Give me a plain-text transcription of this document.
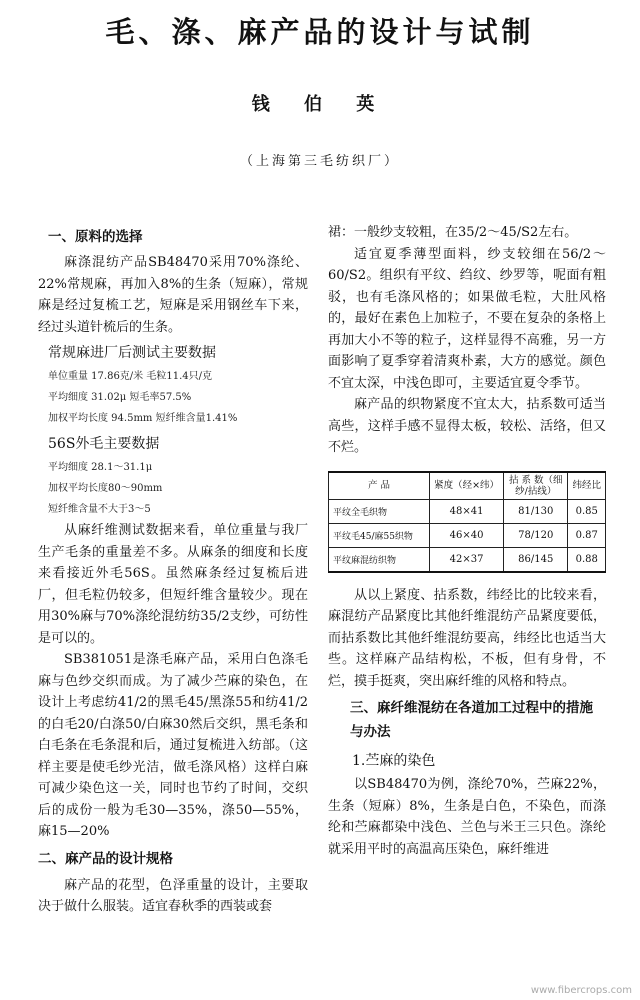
毛、涤、麻产品的设计与试制
钱 伯 英
（上海第三毛纺织厂）
一、原料的选择

麻涤混纺产品SB48470采用70%涤纶、22%常规麻，再加入8%的生条（短麻），常规麻是经过复梳工艺，短麻是采用钢丝车下来，经过头道针梳后的生条。

常规麻进厂后测试主要数据
单位重量 17.86克/米 毛粒11.4只/克
平均细度 31.02μ 短毛率57.5%
加权平均长度 94.5mm 短纤维含量1.41%
56S外毛主要数据
平均细度 28.1～31.1μ
加权平均长度80～90mm
短纤维含量不大于3～5

从麻纤维测试数据来看，单位重量与我厂生产毛条的重量差不多。从麻条的细度和长度来看接近外毛56S。虽然麻条经过复梳后进厂，但毛粒仍较多，但短纤维含量较少。现在用30%麻与70%涤纶混纺纺35/2支纱，可纺性是可以的。

SB381051是涤毛麻产品，采用白色涤毛麻与色纱交织而成。为了减少苎麻的染色，在设计上考虑纺41/2的黑毛45/黑涤55和纺41/2的白毛20/白涤50/白麻30然后交织，黑毛条和白毛条在毛条混和后，通过复梳进入纺部。（这样主要是使毛纱光洁，做毛涤风格）这样白麻可减少染色这一关，同时也节约了时间，交织后的成份一般为毛30—35%，涤50—55%，麻15—20%

二、麻产品的设计规格

麻产品的花型，色泽重量的设计，主要取决于做什么服装。适宜春秋季的西装或套

裙：一般纱支较粗，在35/2～45/S2左右。

适宜夏季薄型面料，纱支较细在56/2～60/S2。组织有平纹、绉纹、纱罗等，呢面有粗驳，也有毛涤风格的；如果做毛粒，大肚风格的，最好在素色上加粒子，不要在复杂的条格上再加大小不等的粒子，这样显得不高雅，另一方面影响了夏季穿着清爽朴素，大方的感觉。颜色不宜太深，中浅色即可，主要适宜夏令季节。

麻产品的织物紧度不宜太大，拈系数可适当高些，这样手感不显得太板，较松、活络，但又不烂。

产 品	紧度（经×纬）	拈 系 数（细纱/拈线）	纬经比
平纹全毛织物	48×41	81/130	0.85
平纹毛45/麻55织物	46×40	78/120	0.87
平纹麻混纺织物	42×37	86/145	0.88

从以上紧度、拈系数，纬经比的比较来看，麻混纺产品紧度比其他纤维混纺产品紧度要低，而拈系数比其他纤维混纺要高，纬经比也适当大些。这样麻产品结构松，不板，但有身骨，不烂，摸手挺爽，突出麻纤维的风格和特点。

三、麻纤维混纺在各道加工过程中的措施与办法
1.苎麻的染色

以SB48470为例，涤纶70%，苎麻22%，生条（短麻）8%，生条是白色，不染色，而涤纶和苎麻都染中浅色、兰色与米王三只色。涤纶就采用平时的高温高压染色，麻纤维进

www.fibercrops.com
